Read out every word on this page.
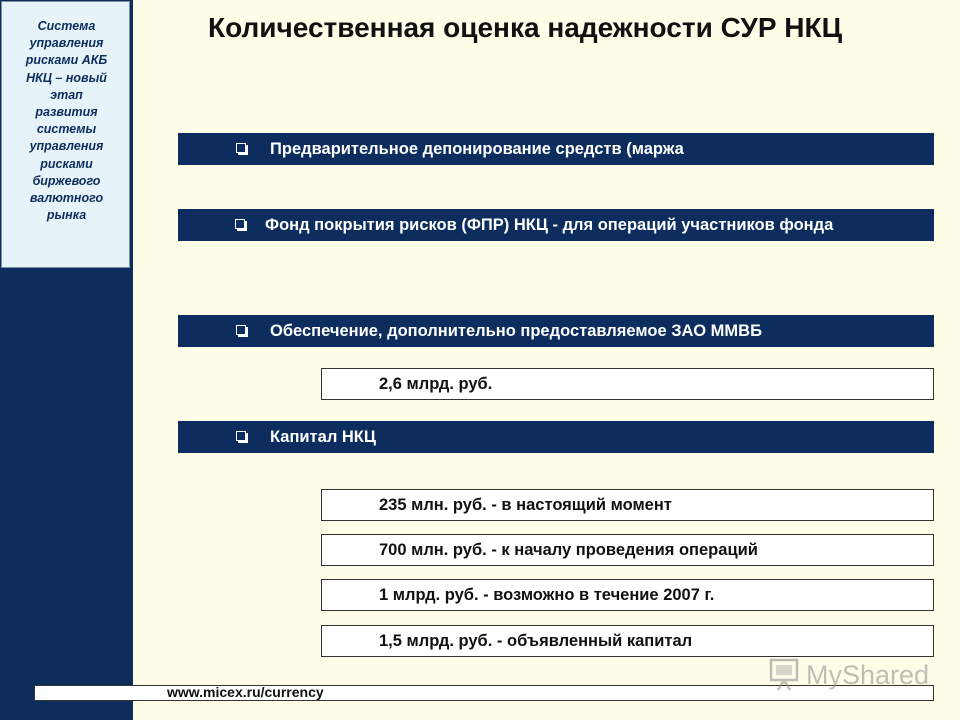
Система
управления
рисками АКБ
НКЦ – новый
этап
развития
системы
управления
рисками
биржевого
валютного
рынка
Количественная оценка надежности СУР НКЦ
Предварительное депонирование средств (маржа
Фонд покрытия рисков (ФПР) НКЦ - для операций участников фонда
Обеспечение, дополнительно предоставляемое ЗАО ММВБ
2,6 млрд. руб.
Капитал НКЦ
235 млн. руб. - в настоящий момент
700 млн. руб. - к началу проведения операций
1 млрд. руб. - возможно в течение 2007 г.
1,5 млрд. руб. - объявленный капитал
www.micex.ru/currency
MyShared
